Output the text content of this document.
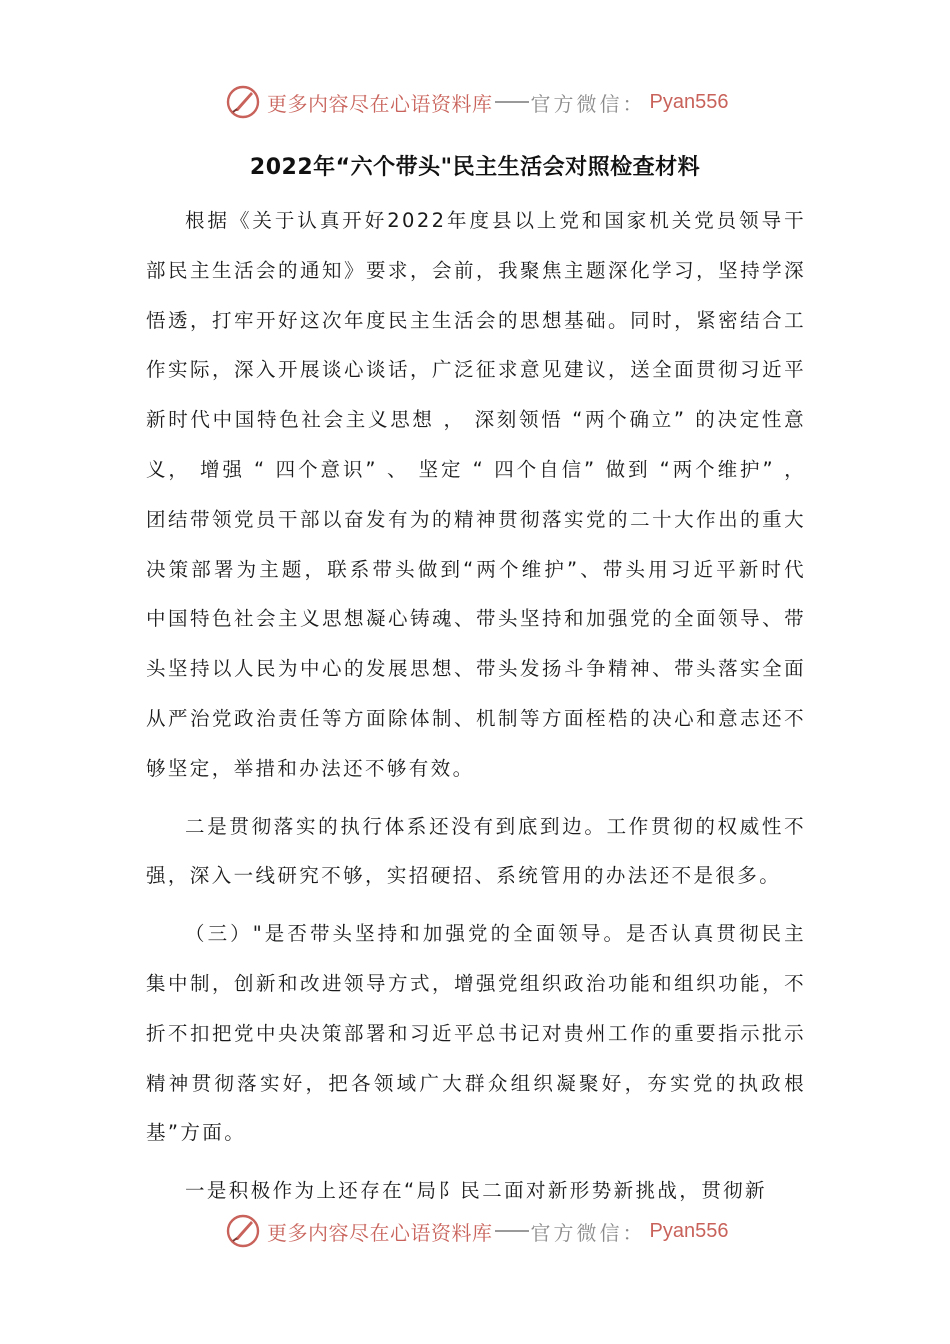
更多内容尽在心语资料库 官方微信： Pyan556
2022年“六个带头"民主生活会对照检查材料

根据《关于认真开好2022年度县以上党和国家机关党员领导干部民主生活会的通知》要求，会前，我聚焦主题深化学习，坚持学深悟透，打牢开好这次年度民主生活会的思想基础。同时，紧密结合工作实际，深入开展谈心谈话，广泛征求意见建议，送全面贯彻习近平新时代中国特色社会主义思想 ， 深刻领悟 “两个确立” 的决定性意义， 增强 “ 四个意识” 、 坚定 “ 四个自信” 做到 “两个维护” ， 团结带领党员干部以奋发有为的精神贯彻落实党的二十大作出的重大决策部署为主题，联系带头做到“两个维护”、带头用习近平新时代中国特色社会主义思想凝心铸魂、带头坚持和加强党的全面领导、带头坚持以人民为中心的发展思想、带头发扬斗争精神、带头落实全面从严治党政治责任等方面除体制、机制等方面桎梏的决心和意志还不够坚定，举措和办法还不够有效。

二是贯彻落实的执行体系还没有到底到边。工作贯彻的权威性不强，深入一线研究不够，实招硬招、系统管用的办法还不是很多。

（三）"是否带头坚持和加强党的全面领导。是否认真贯彻民主集中制，创新和改进领导方式，增强党组织政治功能和组织功能，不折不扣把党中央决策部署和习近平总书记对贵州工作的重要指示批示精神贯彻落实好，把各领域广大群众组织凝聚好，夯实党的执政根基”方面。

一是积极作为上还存在“局阝民二面对新形势新挑战，贯彻新

更多内容尽在心语资料库 官方微信： Pyan556
